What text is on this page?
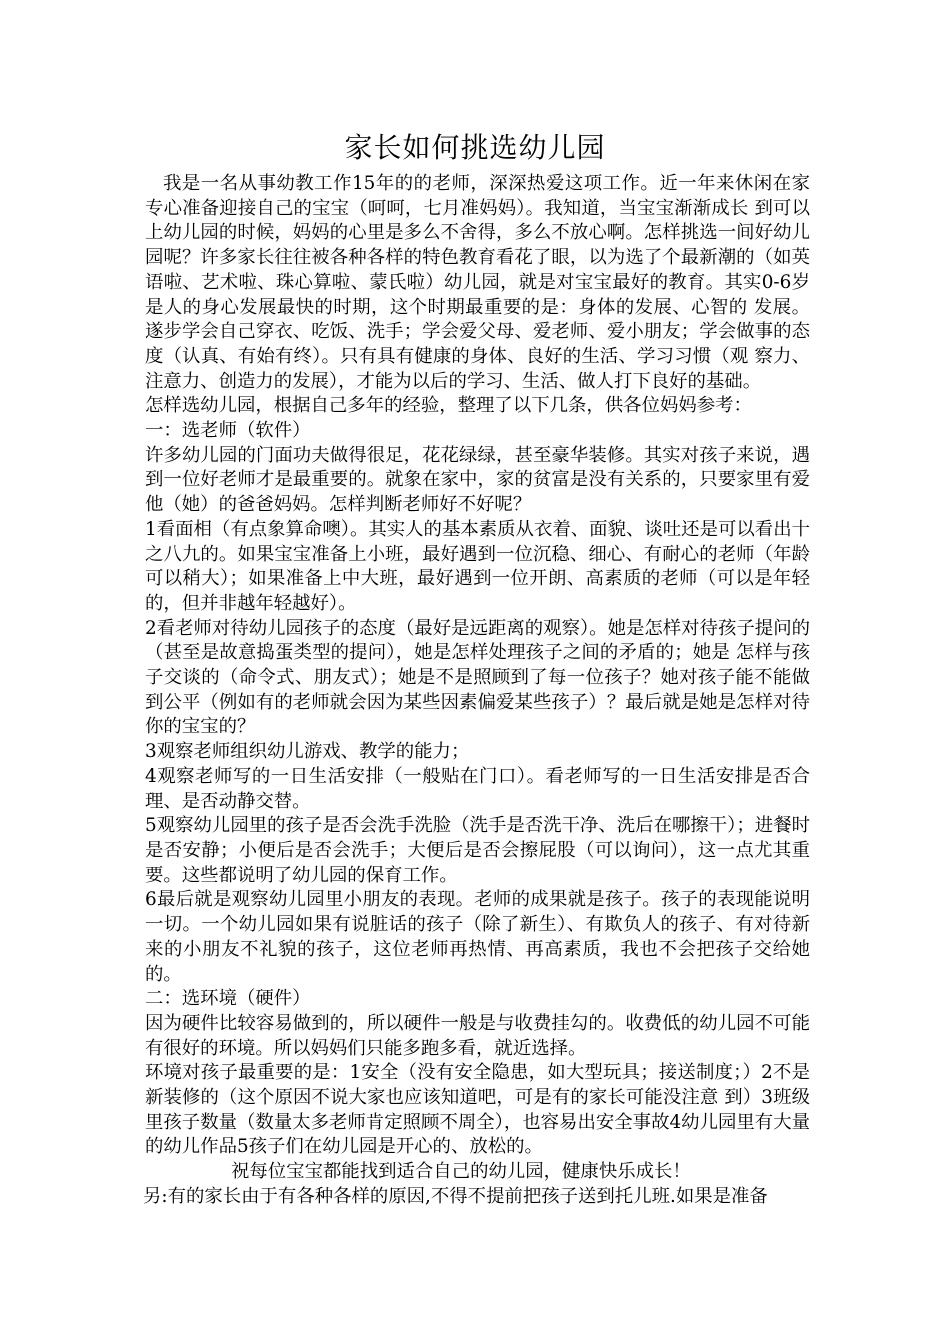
家长如何挑选幼儿园

我是一名从事幼教工作15年的的老师，深深热爱这项工作。近一年来休闲在家专心准备迎接自己的宝宝（呵呵，七月准妈妈）。我知道，当宝宝渐渐成长 到可以上幼儿园的时候，妈妈的心里是多么不舍得，多么不放心啊。怎样挑选一间好幼儿园呢？许多家长往往被各种各样的特色教育看花了眼，以为选了个最新潮的（如英语啦、艺术啦、珠心算啦、蒙氏啦）幼儿园，就是对宝宝最好的教育。其实0-6岁是人的身心发展最快的时期，这个时期最重要的是：身体的发展、心智的 发展。遂步学会自己穿衣、吃饭、洗手；学会爱父母、爱老师、爱小朋友；学会做事的态度（认真、有始有终）。只有具有健康的身体、良好的生活、学习习惯（观 察力、注意力、创造力的发展），才能为以后的学习、生活、做人打下良好的基础。

怎样选幼儿园，根据自己多年的经验，整理了以下几条，供各位妈妈参考：

一：选老师（软件）

许多幼儿园的门面功夫做得很足，花花绿绿，甚至豪华装修。其实对孩子来说，遇到一位好老师才是最重要的。就象在家中，家的贫富是没有关系的，只要家里有爱他（她）的爸爸妈妈。怎样判断老师好不好呢？

1看面相（有点象算命噢）。其实人的基本素质从衣着、面貌、谈吐还是可以看出十之八九的。如果宝宝准备上小班，最好遇到一位沉稳、细心、有耐心的老师（年龄可以稍大）；如果准备上中大班，最好遇到一位开朗、高素质的老师（可以是年轻的，但并非越年轻越好）。

2看老师对待幼儿园孩子的态度（最好是远距离的观察）。她是怎样对待孩子提问的（甚至是故意捣蛋类型的提问），她是怎样处理孩子之间的矛盾的；她是 怎样与孩子交谈的（命令式、朋友式）；她是不是照顾到了每一位孩子？她对孩子能不能做到公平（例如有的老师就会因为某些因素偏爱某些孩子）？最后就是她是怎样对待你的宝宝的？

3观察老师组织幼儿游戏、教学的能力；

4观察老师写的一日生活安排（一般贴在门口）。看老师写的一日生活安排是否合理、是否动静交替。

5观察幼儿园里的孩子是否会洗手洗脸（洗手是否洗干净、洗后在哪擦干）；进餐时是否安静；小便后是否会洗手；大便后是否会擦屁股（可以询问），这一点尤其重要。这些都说明了幼儿园的保育工作。

6最后就是观察幼儿园里小朋友的表现。老师的成果就是孩子。孩子的表现能说明一切。一个幼儿园如果有说脏话的孩子（除了新生）、有欺负人的孩子、有对待新来的小朋友不礼貌的孩子，这位老师再热情、再高素质，我也不会把孩子交给她的。

二：选环境（硬件）

因为硬件比较容易做到的，所以硬件一般是与收费挂勾的。收费低的幼儿园不可能有很好的环境。所以妈妈们只能多跑多看，就近选择。

环境对孩子最重要的是：1安全（没有安全隐患，如大型玩具；接送制度；）2不是新装修的（这个原因不说大家也应该知道吧，可是有的家长可能没注意 到）3班级里孩子数量（数量太多老师肯定照顾不周全），也容易出安全事故4幼儿园里有大量的幼儿作品5孩子们在幼儿园是开心的、放松的。

祝每位宝宝都能找到适合自己的幼儿园，健康快乐成长！

另:有的家长由于有各种各样的原因,不得不提前把孩子送到托儿班.如果是准备
